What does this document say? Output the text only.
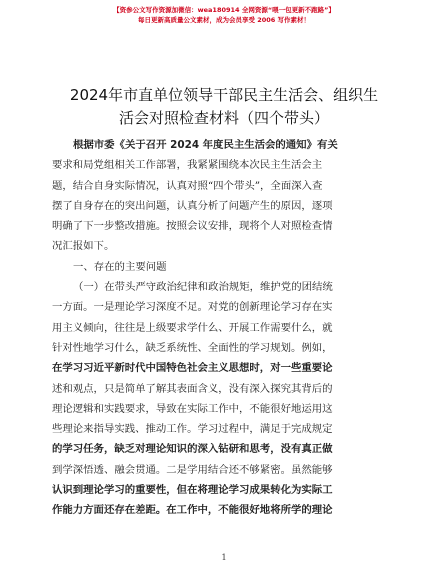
【资参公文写作资源加微信：wea180914 全网资源“喂一包更新不跑路”】
每日更新高质量公文素材，成为会员享受 2006 写作素材！
2024年市直单位领导干部民主生活会、组织生
活会对照检查材料（四个带头）

根据市委《关于召开 2024 年度民主生活会的通知》有关

要求和局党组相关工作部署，我紧紧围绕本次民主生活会主

题，结合自身实际情况，认真对照“四个带头”，全面深入查

摆了自身存在的突出问题，认真分析了问题产生的原因，逐项

明确了下一步整改措施。按照会议安排，现将个人对照检查情

况汇报如下。

一、存在的主要问题

（一）在带头严守政治纪律和政治规矩，维护党的团结统

一方面。一是理论学习深度不足。对党的创新理论学习存在实

用主义倾向，往往是上级要求学什么、开展工作需要什么，就

针对性地学习什么，缺乏系统性、全面性的学习规划。例如，

在学习习近平新时代中国特色社会主义思想时，对一些重要论

述和观点，只是简单了解其表面含义，没有深入探究其背后的

理论逻辑和实践要求，导致在实际工作中，不能很好地运用这

些理论来指导实践、推动工作。学习过程中，满足于完成规定

的学习任务，缺乏对理论知识的深入钻研和思考，没有真正做

到学深悟透、融会贯通。二是学用结合还不够紧密。虽然能够

认识到理论学习的重要性，但在将理论学习成果转化为实际工

作能力方面还存在差距。在工作中，不能很好地将所学的理论

1
